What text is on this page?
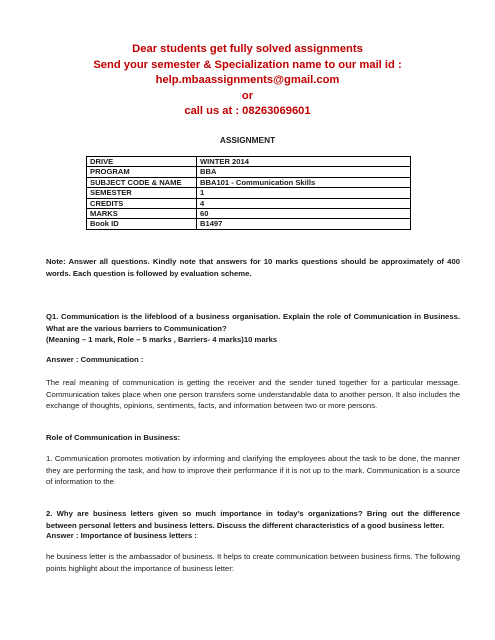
Dear students get fully solved assignments
Send your semester & Specialization name to our mail id :
help.mbaassignments@gmail.com
or
call us at : 08263069601
ASSIGNMENT
DRIVE	WINTER 2014
PROGRAM	BBA
SUBJECT CODE & NAME	BBA101 - Communication Skills
SEMESTER	1
CREDITS	4
MARKS	60
Book ID	B1497
Note: Answer all questions. Kindly note that answers for 10 marks questions should be approximately of 400 words. Each question is followed by evaluation scheme.

Q1. Communication is the lifeblood of a business organisation. Explain the role of Communication in Business. What are the various barriers to Communication?

(Meaning – 1 mark, Role – 5 marks , Barriers- 4 marks)10 marks

Answer : Communication :
The real meaning of communication is getting the receiver and the sender tuned together for a particular message. Communication takes place when one person transfers some understandable data to another person. It also includes the exchange of thoughts, opinions, sentiments, facts, and information between two or more persons.
Role of Communication in Business:
1. Communication promotes motivation by informing and clarifying the employees about the task to be done, the manner they are performing the task, and how to improve their performance if it is not up to the mark. Communication is a source of information to the
2. Why are business letters given so much importance in today’s organizations? Bring out the difference between personal letters and business letters. Discuss the different characteristics of a good business letter.
Answer : Importance of business letters :
he business letter is the ambassador of business. It helps to create communication between business firms. The following points highlight about the importance of business letter:
